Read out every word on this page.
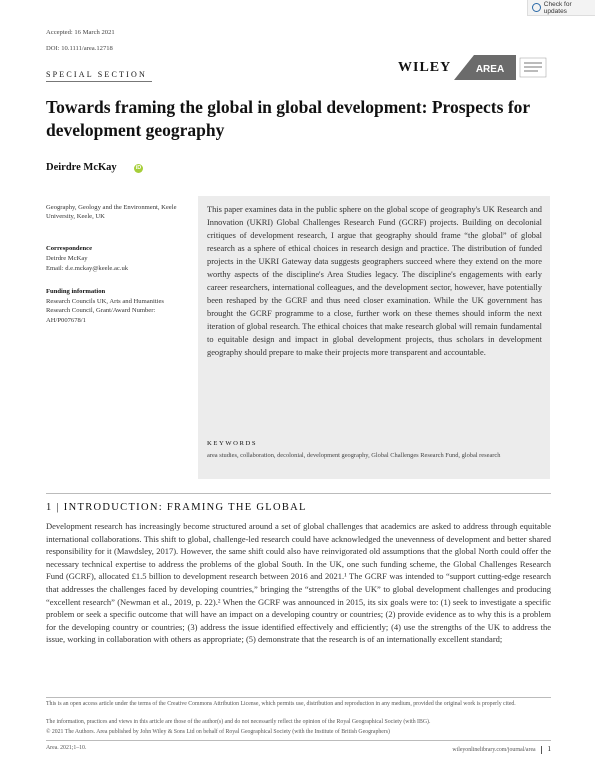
Check for updates
Accepted: 16 March 2021
DOI: 10.1111/area.12718
SPECIAL SECTION	WILEY AREA
Towards framing the global in global development: Prospects for development geography
Deirdre McKay	iD
Geography, Geology and the Environment, Keele University, Keele, UK
Correspondence
Deirdre McKay
Email: d.e.mckay@keele.ac.uk
Funding information
Research Councils UK, Arts and Humanities Research Council, Grant/Award Number: AH/P007678/1
This paper examines data in the public sphere on the global scope of geography's UK Research and Innovation (UKRI) Global Challenges Research Fund (GCRF) projects. Building on decolonial critiques of development research, I argue that geography should frame “the global” of global research as a sphere of ethical choices in research design and practice. The distribution of funded projects in the UKRI Gateway data suggests geographers succeed where they extend on the more worthy aspects of the discipline's Area Studies legacy. The discipline's engagements with early career researchers, international colleagues, and the development sector, however, have potentially been reshaped by the GCRF and thus need closer examination. While the UK government has brought the GCRF programme to a close, further work on these themes should inform the next iteration of global research. The ethical choices that make research global will remain fundamental to equitable design and impact in global development projects, thus scholars in development geography should prepare to make their projects more transparent and accountable.
KEYWORDS
area studies, collaboration, decolonial, development geography, Global Challenges Research Fund, global research
1 | INTRODUCTION: FRAMING THE GLOBAL
Development research has increasingly become structured around a set of global challenges that academics are asked to address through equitable international collaborations. This shift to global, challenge-led research could have acknowledged the unevenness of development and better shared responsibility for it (Mawdsley, 2017). However, the same shift could also have reinvigorated old assumptions that the global North could offer the necessary technical expertise to address the problems of the global South. In the UK, one such funding scheme, the Global Challenges Research Fund (GCRF), allocated £1.5 billion to development research between 2016 and 2021.¹ The GCRF was intended to “support cutting-edge research that addresses the challenges faced by developing countries,” bringing the “strengths of the UK” to global development challenges and producing “excellent research” (Newman et al., 2019, p. 22).² When the GCRF was announced in 2015, its six goals were to: (1) seek to investigate a specific problem or seek a specific outcome that will have an impact on a developing country or countries; (2) provide evidence as to why this is a problem for the developing country or countries; (3) address the issue identified effectively and efficiently; (4) use the strengths of the UK to address the issue, working in collaboration with others as appropriate; (5) demonstrate that the research is of an internationally excellent standard;
This is an open access article under the terms of the Creative Commons Attribution License, which permits use, distribution and reproduction in any medium, provided the original work is properly cited.
The information, practices and views in this article are those of the author(s) and do not necessarily reflect the opinion of the Royal Geographical Society (with IBG).
© 2021 The Authors. Area published by John Wiley & Sons Ltd on behalf of Royal Geographical Society (with the Institute of British Geographers)
Area. 2021;1–10.	wileyonlinelibrary.com/journal/area 1
